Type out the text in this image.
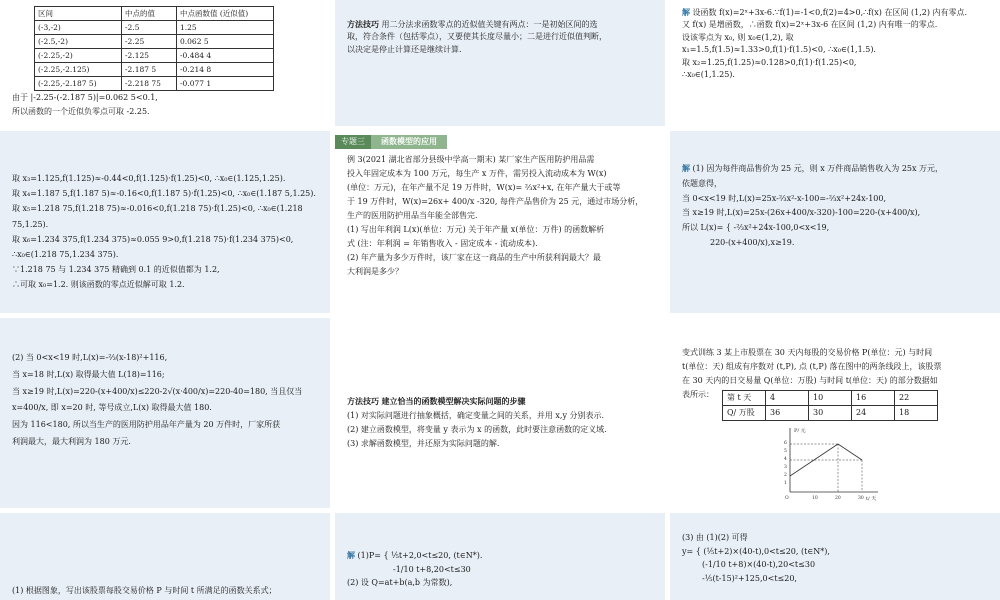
区间	中点的值	中点函数值 (近似值)
(-3,-2)	-2.5	1.25
(-2.5,-2)	-2.25	0.062 5
(-2.25,-2)	-2.125	-0.484 4
(-2.25,-2.125)	-2.187 5	-0.214 8
(-2.25,-2.187 5)	-2.218 75	-0.077 1
由于 |-2.25-(-2.187 5)|=0.062 5<0.1,
所以函数的一个近似负零点可取 -2.25.
方法技巧 用二分法求函数零点的近似值关键有两点：一是初始区间的选
取，符合条件（包括零点），又要使其长度尽量小；二是进行近似值判断，
以决定是停止计算还是继续计算.
解 设函数 f(x)=2ˣ+3x-6.∵f(1)=-1<0,f(2)=4>0,∴f(x) 在区间 (1,2) 内有零点.
又 f(x) 是增函数，∴函数 f(x)=2ˣ+3x-6 在区间 (1,2) 内有唯一的零点.
设该零点为 x₀, 则 x₀∈(1,2), 取
x₁=1.5,f(1.5)≈1.33>0,f(1)·f(1.5)<0, ∴x₀∈(1,1.5).
取 x₂=1.25,f(1.25)≈0.128>0,f(1)·f(1.25)<0,
∴x₀∈(1,1.25).
取 x₃=1.125,f(1.125)≈-0.44<0,f(1.125)·f(1.25)<0, ∴x₀∈(1.125,1.25).
取 x₄=1.187 5,f(1.187 5)≈-0.16<0,f(1.187 5)·f(1.25)<0, ∴x₀∈(1.187 5,1.25).
取 x₅=1.218 75,f(1.218 75)≈-0.016<0,f(1.218 75)·f(1.25)<0, ∴x₀∈(1.218
75,1.25).
取 x₆=1.234 375,f(1.234 375)≈0.055 9>0,f(1.218 75)·f(1.234 375)<0,
∴x₀∈(1.218 75,1.234 375).
∵1.218 75 与 1.234 375 精确到 0.1 的近似值都为 1.2,
∴可取 x₀=1.2. 则该函数的零点近似解可取 1.2.
专题三	函数模型的应用
例 3(2021 湖北省部分县级中学高一期末) 某厂家生产医用防护用品需
投入年固定成本为 100 万元，每生产 x 万件，需另投入流动成本为 W(x)
(单位：万元)，在年产量不足 19 万件时，W(x)= ⅔x²+x, 在年产量大于或等
于 19 万件时，W(x)=26x+ 400/x -320, 每件产品售价为 25 元，通过市场分析，
生产的医用防护用品当年能全部售完.
(1) 写出年利润 L(x)(单位：万元) 关于年产量 x(单位：万件) 的函数解析
式 (注：年利润 = 年销售收入 - 固定成本 - 流动成本).
(2) 年产量为多少万件时，该厂家在这一商品的生产中所获利润最大？最
大利润是多少？
解 (1) 因为每件商品售价为 25 元，则 x 万件商品销售收入为 25x 万元，
依题意得，
当 0<x<19 时,L(x)=25x-⅔x²-x-100=-⅔x²+24x-100,
当 x≥19 时,L(x)=25x-(26x+400/x-320)-100=220-(x+400/x),
所以 L(x)= { -⅔x²+24x-100,0<x<19,
220-(x+400/x),x≥19.
(2) 当 0<x<19 时,L(x)=-⅔(x-18)²+116,
当 x=18 时,L(x) 取得最大值 L(18)=116;
当 x≥19 时,L(x)=220-(x+400/x)≤220-2√(x·400/x)=220-40=180, 当且仅当
x=400/x, 即 x=20 时, 等号成立,L(x) 取得最大值 180.
因为 116<180, 所以当生产的医用防护用品年产量为 20 万件时，厂家所获
利润最大，最大利润为 180 万元.
方法技巧 建立恰当的函数模型解决实际问题的步骤
(1) 对实际问题进行抽象概括，确定变量之间的关系，并用 x,y 分别表示.
(2) 建立函数模型，将变量 y 表示为 x 的函数，此时要注意函数的定义域.
(3) 求解函数模型，并还原为实际问题的解.
变式训练 3 某上市股票在 30 天内每股的交易价格 P(单位：元) 与时间
t(单位：天) 组成有序数对 (t,P), 点 (t,P) 落在图中的两条线段上，该股票
在 30 天内的日交易量 Q(单位：万股) 与时间 t(单位：天) 的部分数据如
表所示： 第 t 天	4	10	16	22
Q/ 万股	36	30	24	18
P/ 元
t/ 天
6
5
4
3
2
1
O	10	20	30
(1) 根据图象，写出该股票每股交易价格 P 与时间 t 所满足的函数关系式；
解 (1)P= { ⅕t+2,0<t≤20, (t∈N*).
-1/10 t+8,20<t≤30
(2) 设 Q=at+b(a,b 为常数),
(3) 由 (1)(2) 可得
y= { (⅕t+2)×(40-t),0<t≤20, (t∈N*),
(-1/10 t+8)×(40-t),20<t≤30
-⅕(t-15)²+125,0<t≤20,
